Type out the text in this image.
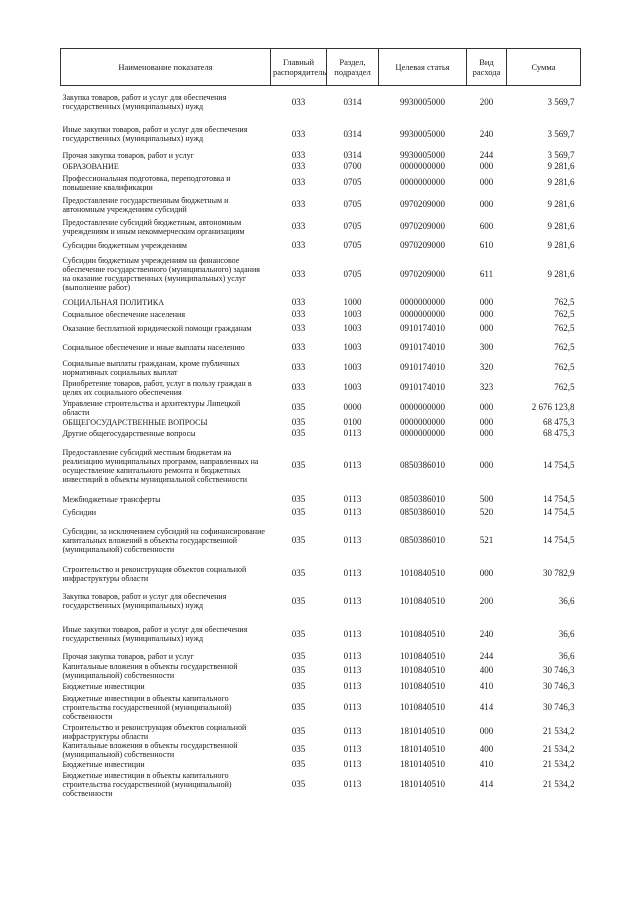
Наименование показателя	Главный распорядитель	Раздел, подраздел	Целевая статья	Вид расхода	Сумма
Закупка товаров, работ и услуг для обеспечения государственных (муниципальных) нужд	033	0314	9930005000	200	3 569,7
Иные закупки товаров, работ и услуг для обеспечения государственных (муниципальных) нужд	033	0314	9930005000	240	3 569,7
Прочая закупка товаров, работ и услуг	033	0314	9930005000	244	3 569,7
ОБРАЗОВАНИЕ	033	0700	0000000000	000	9 281,6
Профессиональная подготовка, переподготовка и повышение квалификации	033	0705	0000000000	000	9 281,6
Предоставление государственным бюджетным и автономным учреждениям субсидий	033	0705	0970209000	000	9 281,6
Предоставление субсидий бюджетным, автономным учреждениям и иным некоммерческим организациям	033	0705	0970209000	600	9 281,6
Субсидии бюджетным учреждениям	033	0705	0970209000	610	9 281,6
Субсидии бюджетным учреждениям на финансовое обеспечение государственного (муниципального) задания на оказание государственных (муниципальных) услуг (выполнение работ)	033	0705	0970209000	611	9 281,6
СОЦИАЛЬНАЯ ПОЛИТИКА	033	1000	0000000000	000	762,5
Социальное обеспечение населения	033	1003	0000000000	000	762,5
Оказание бесплатной юридической помощи гражданам	033	1003	0910174010	000	762,5
Социальное обеспечение и иные выплаты населению	033	1003	0910174010	300	762,5
Социальные выплаты гражданам, кроме публичных нормативных социальных выплат	033	1003	0910174010	320	762,5
Приобретение товаров, работ, услуг в пользу граждан в целях их социального обеспечения	033	1003	0910174010	323	762,5
Управление строительства и архитектуры Липецкой области	035	0000	0000000000	000	2 676 123,8
ОБЩЕГОСУДАРСТВЕННЫЕ ВОПРОСЫ	035	0100	0000000000	000	68 475,3
Другие общегосударственные вопросы	035	0113	0000000000	000	68 475,3
Предоставление субсидий местным бюджетам на реализацию муниципальных программ, направленных на осуществление капитального ремонта и бюджетных инвестиций в объекты муниципальной собственности	035	0113	0850386010	000	14 754,5
Межбюджетные трансферты	035	0113	0850386010	500	14 754,5
Субсидии	035	0113	0850386010	520	14 754,5
Субсидии, за исключением субсидий на софинансирование капитальных вложений в объекты государственной (муниципальной) собственности	035	0113	0850386010	521	14 754,5
Строительство и реконструкция объектов социальной инфраструктуры области	035	0113	1010840510	000	30 782,9
Закупка товаров, работ и услуг для обеспечения государственных (муниципальных) нужд	035	0113	1010840510	200	36,6
Иные закупки товаров, работ и услуг для обеспечения государственных (муниципальных) нужд	035	0113	1010840510	240	36,6
Прочая закупка товаров, работ и услуг	035	0113	1010840510	244	36,6
Капитальные вложения в объекты государственной (муниципальной) собственности	035	0113	1010840510	400	30 746,3
Бюджетные инвестиции	035	0113	1010840510	410	30 746,3
Бюджетные инвестиции в объекты капитального строительства государственной (муниципальной) собственности	035	0113	1010840510	414	30 746,3
Строительство и реконструкция объектов социальной инфраструктуры области	035	0113	1810140510	000	21 534,2
Капитальные вложения в объекты государственной (муниципальной) собственности	035	0113	1810140510	400	21 534,2
Бюджетные инвестиции	035	0113	1810140510	410	21 534,2
Бюджетные инвестиции в объекты капитального строительства государственной (муниципальной) собственности	035	0113	1810140510	414	21 534,2
